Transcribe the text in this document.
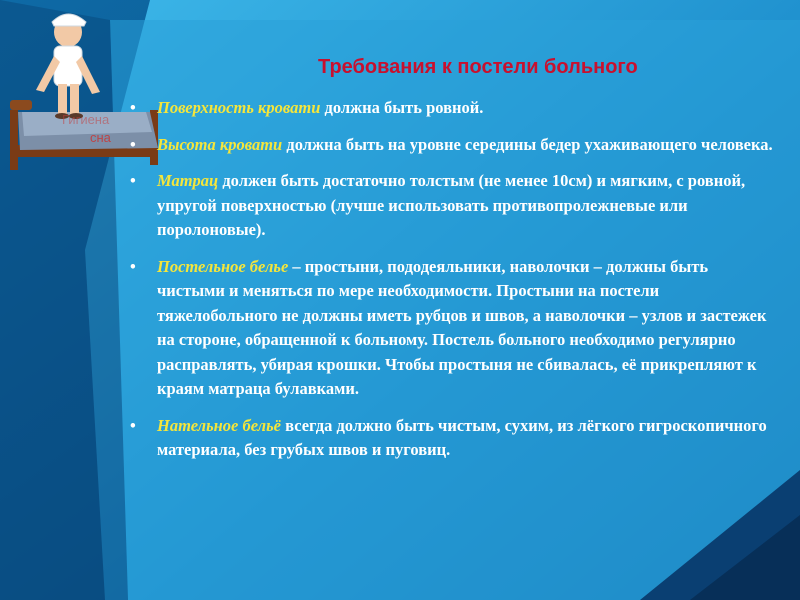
Гигиена
сна
Требования к постели больного
• Поверхность кровати должна быть ровной.
• Высота кровати должна быть на уровне середины бедер ухаживающего человека.
• Матрац должен быть достаточно толстым (не менее 10см) и мягким, с ровной, упругой поверхностью (лучше использовать противопролежневые или поролоновые).
• Постельное белье – простыни, пододеяльники, наволочки – должны быть чистыми и меняться по мере необходимости. Простыни на постели тяжелобольного не должны иметь рубцов и швов, а наволочки – узлов и застежек на стороне, обращенной к больному. Постель больного необходимо регулярно расправлять, убирая крошки. Чтобы простыня не сбивалась, её прикрепляют к краям матраца булавками.
• Нательное бельё всегда должно быть чистым, сухим, из лёгкого гигроскопичного материала, без грубых швов и пуговиц.
